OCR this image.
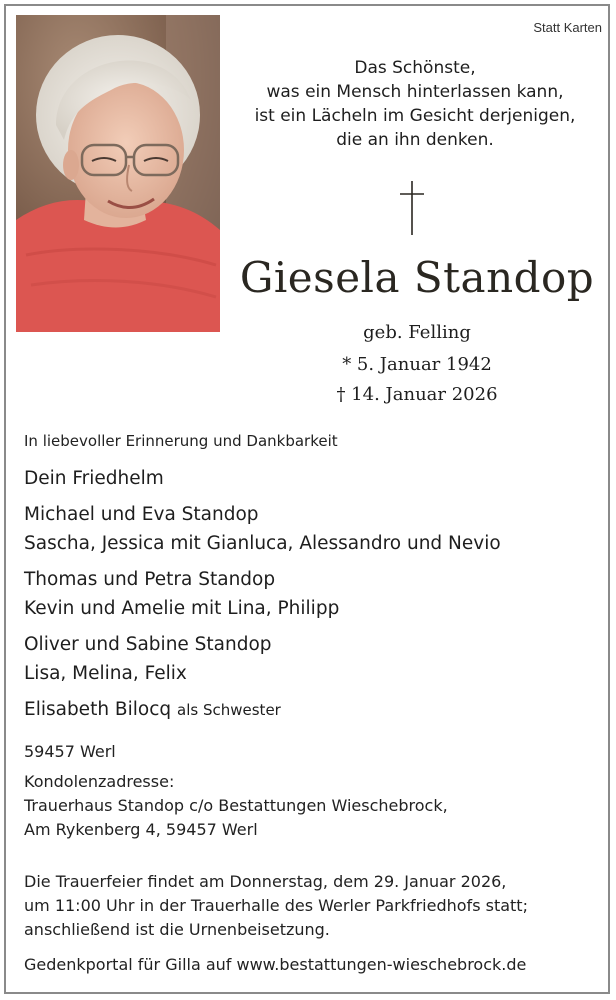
Statt Karten
Das Schönste,
was ein Mensch hinterlassen kann,
ist ein Lächeln im Gesicht derjenigen,
die an ihn denken.
Giesela Standop
geb. Felling
* 5. Januar 1942
† 14. Januar 2026
In liebevoller Erinnerung und Dankbarkeit
Dein Friedhelm
Michael und Eva Standop
Sascha, Jessica mit Gianluca, Alessandro und Nevio
Thomas und Petra Standop
Kevin und Amelie mit Lina, Philipp
Oliver und Sabine Standop
Lisa, Melina, Felix
Elisabeth Bilocq als Schwester
59457 Werl
Kondolenzadresse:
Trauerhaus Standop c/o Bestattungen Wieschebrock,
Am Rykenberg 4, 59457 Werl
Die Trauerfeier findet am Donnerstag, dem 29. Januar 2026,
um 11:00 Uhr in der Trauerhalle des Werler Parkfriedhofs statt;
anschließend ist die Urnenbeisetzung.
Gedenkportal für Gilla auf www.bestattungen-wieschebrock.de
